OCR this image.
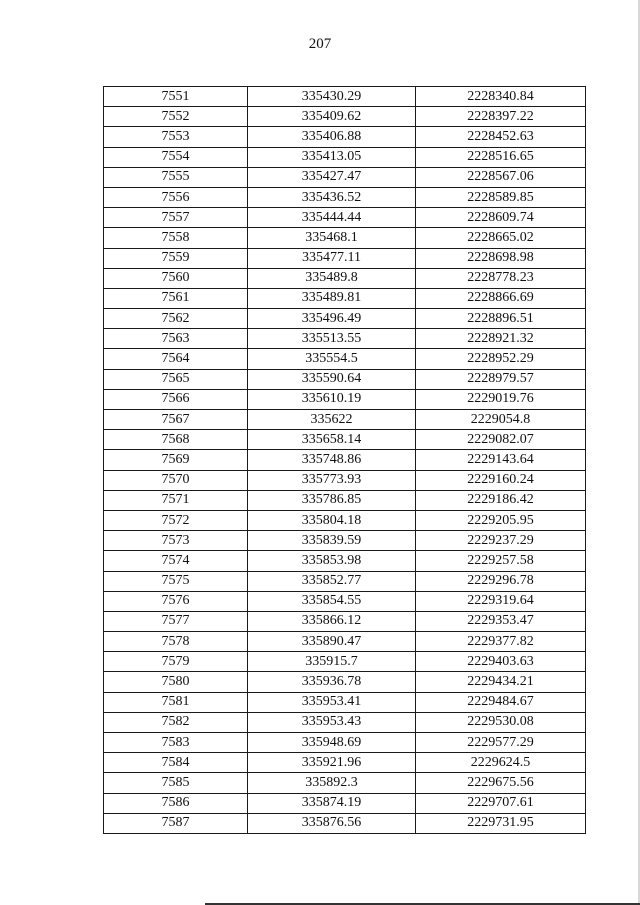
207
7551	335430.29	2228340.84
7552	335409.62	2228397.22
7553	335406.88	2228452.63
7554	335413.05	2228516.65
7555	335427.47	2228567.06
7556	335436.52	2228589.85
7557	335444.44	2228609.74
7558	335468.1	2228665.02
7559	335477.11	2228698.98
7560	335489.8	2228778.23
7561	335489.81	2228866.69
7562	335496.49	2228896.51
7563	335513.55	2228921.32
7564	335554.5	2228952.29
7565	335590.64	2228979.57
7566	335610.19	2229019.76
7567	335622	2229054.8
7568	335658.14	2229082.07
7569	335748.86	2229143.64
7570	335773.93	2229160.24
7571	335786.85	2229186.42
7572	335804.18	2229205.95
7573	335839.59	2229237.29
7574	335853.98	2229257.58
7575	335852.77	2229296.78
7576	335854.55	2229319.64
7577	335866.12	2229353.47
7578	335890.47	2229377.82
7579	335915.7	2229403.63
7580	335936.78	2229434.21
7581	335953.41	2229484.67
7582	335953.43	2229530.08
7583	335948.69	2229577.29
7584	335921.96	2229624.5
7585	335892.3	2229675.56
7586	335874.19	2229707.61
7587	335876.56	2229731.95
